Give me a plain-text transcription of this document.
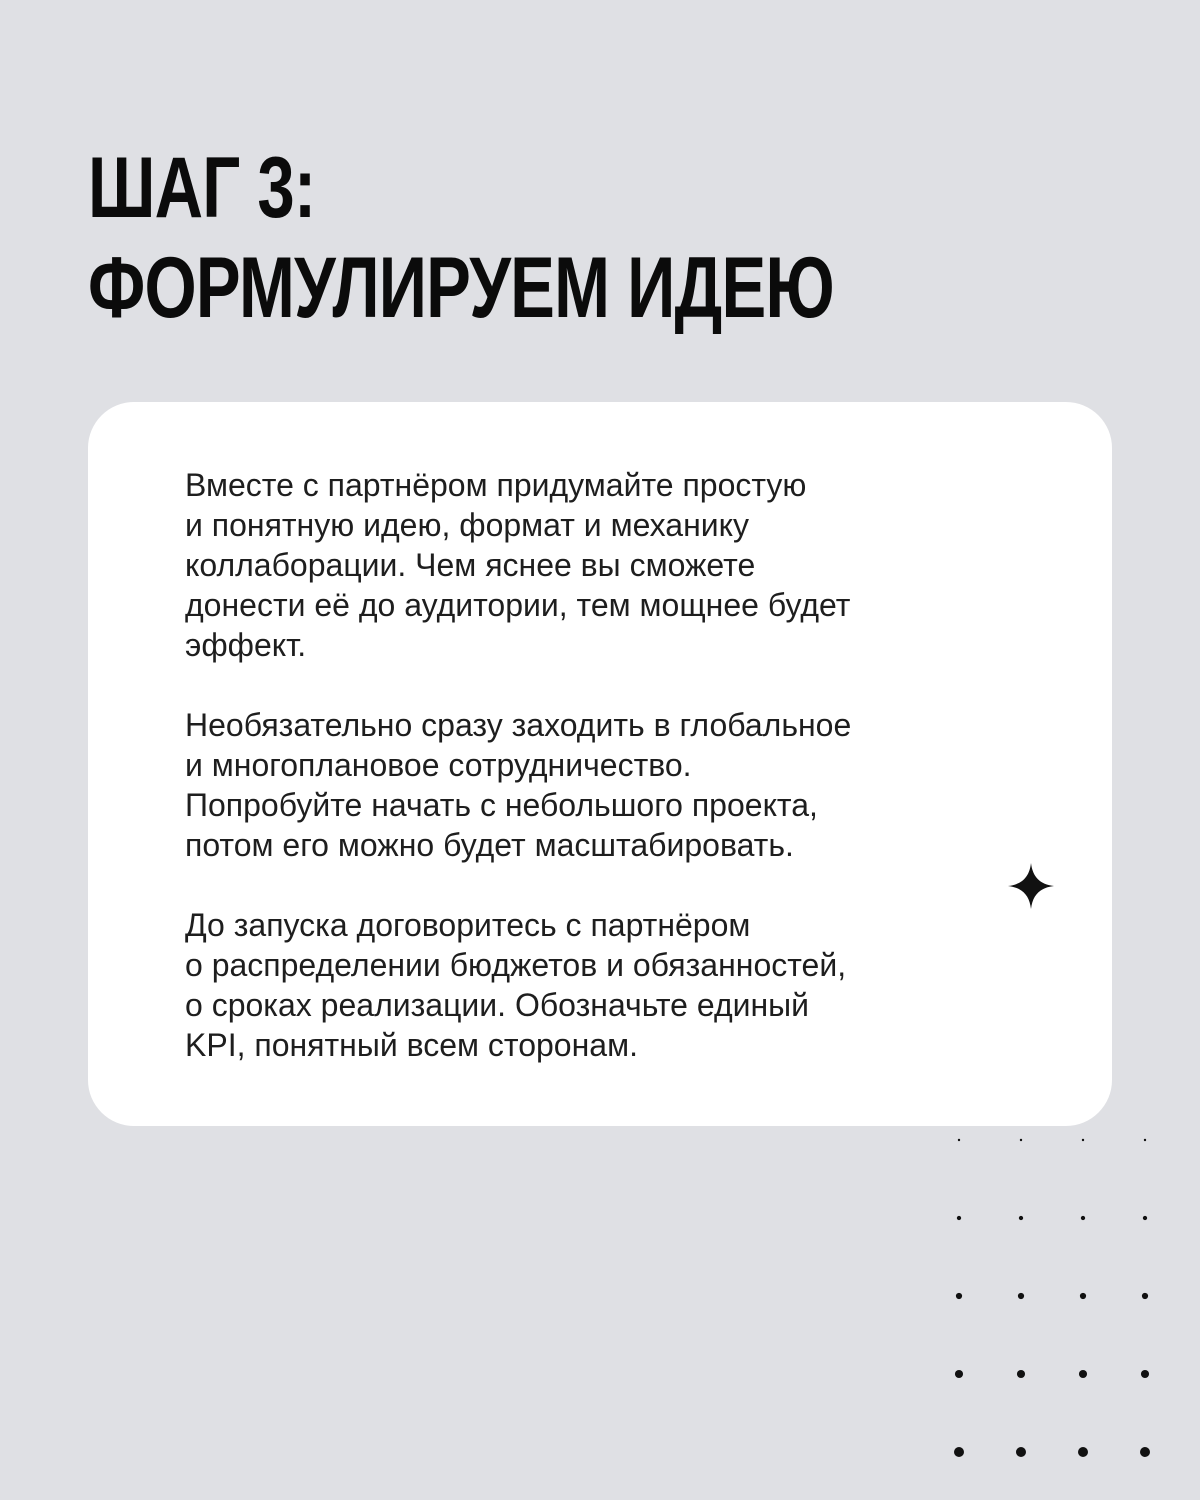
ШАГ 3:
ФОРМУЛИРУЕМ ИДЕЮ

Вместе с партнёром придумайте простую
и понятную идею, формат и механику
коллаборации. Чем яснее вы сможете
донести её до аудитории, тем мощнее будет
эффект.

Необязательно сразу заходить в глобальное
и многоплановое сотрудничество.
Попробуйте начать с небольшого проекта,
потом его можно будет масштабировать.

До запуска договоритесь с партнёром
о распределении бюджетов и обязанностей,
о сроках реализации. Обозначьте единый
KPI, понятный всем сторонам.
